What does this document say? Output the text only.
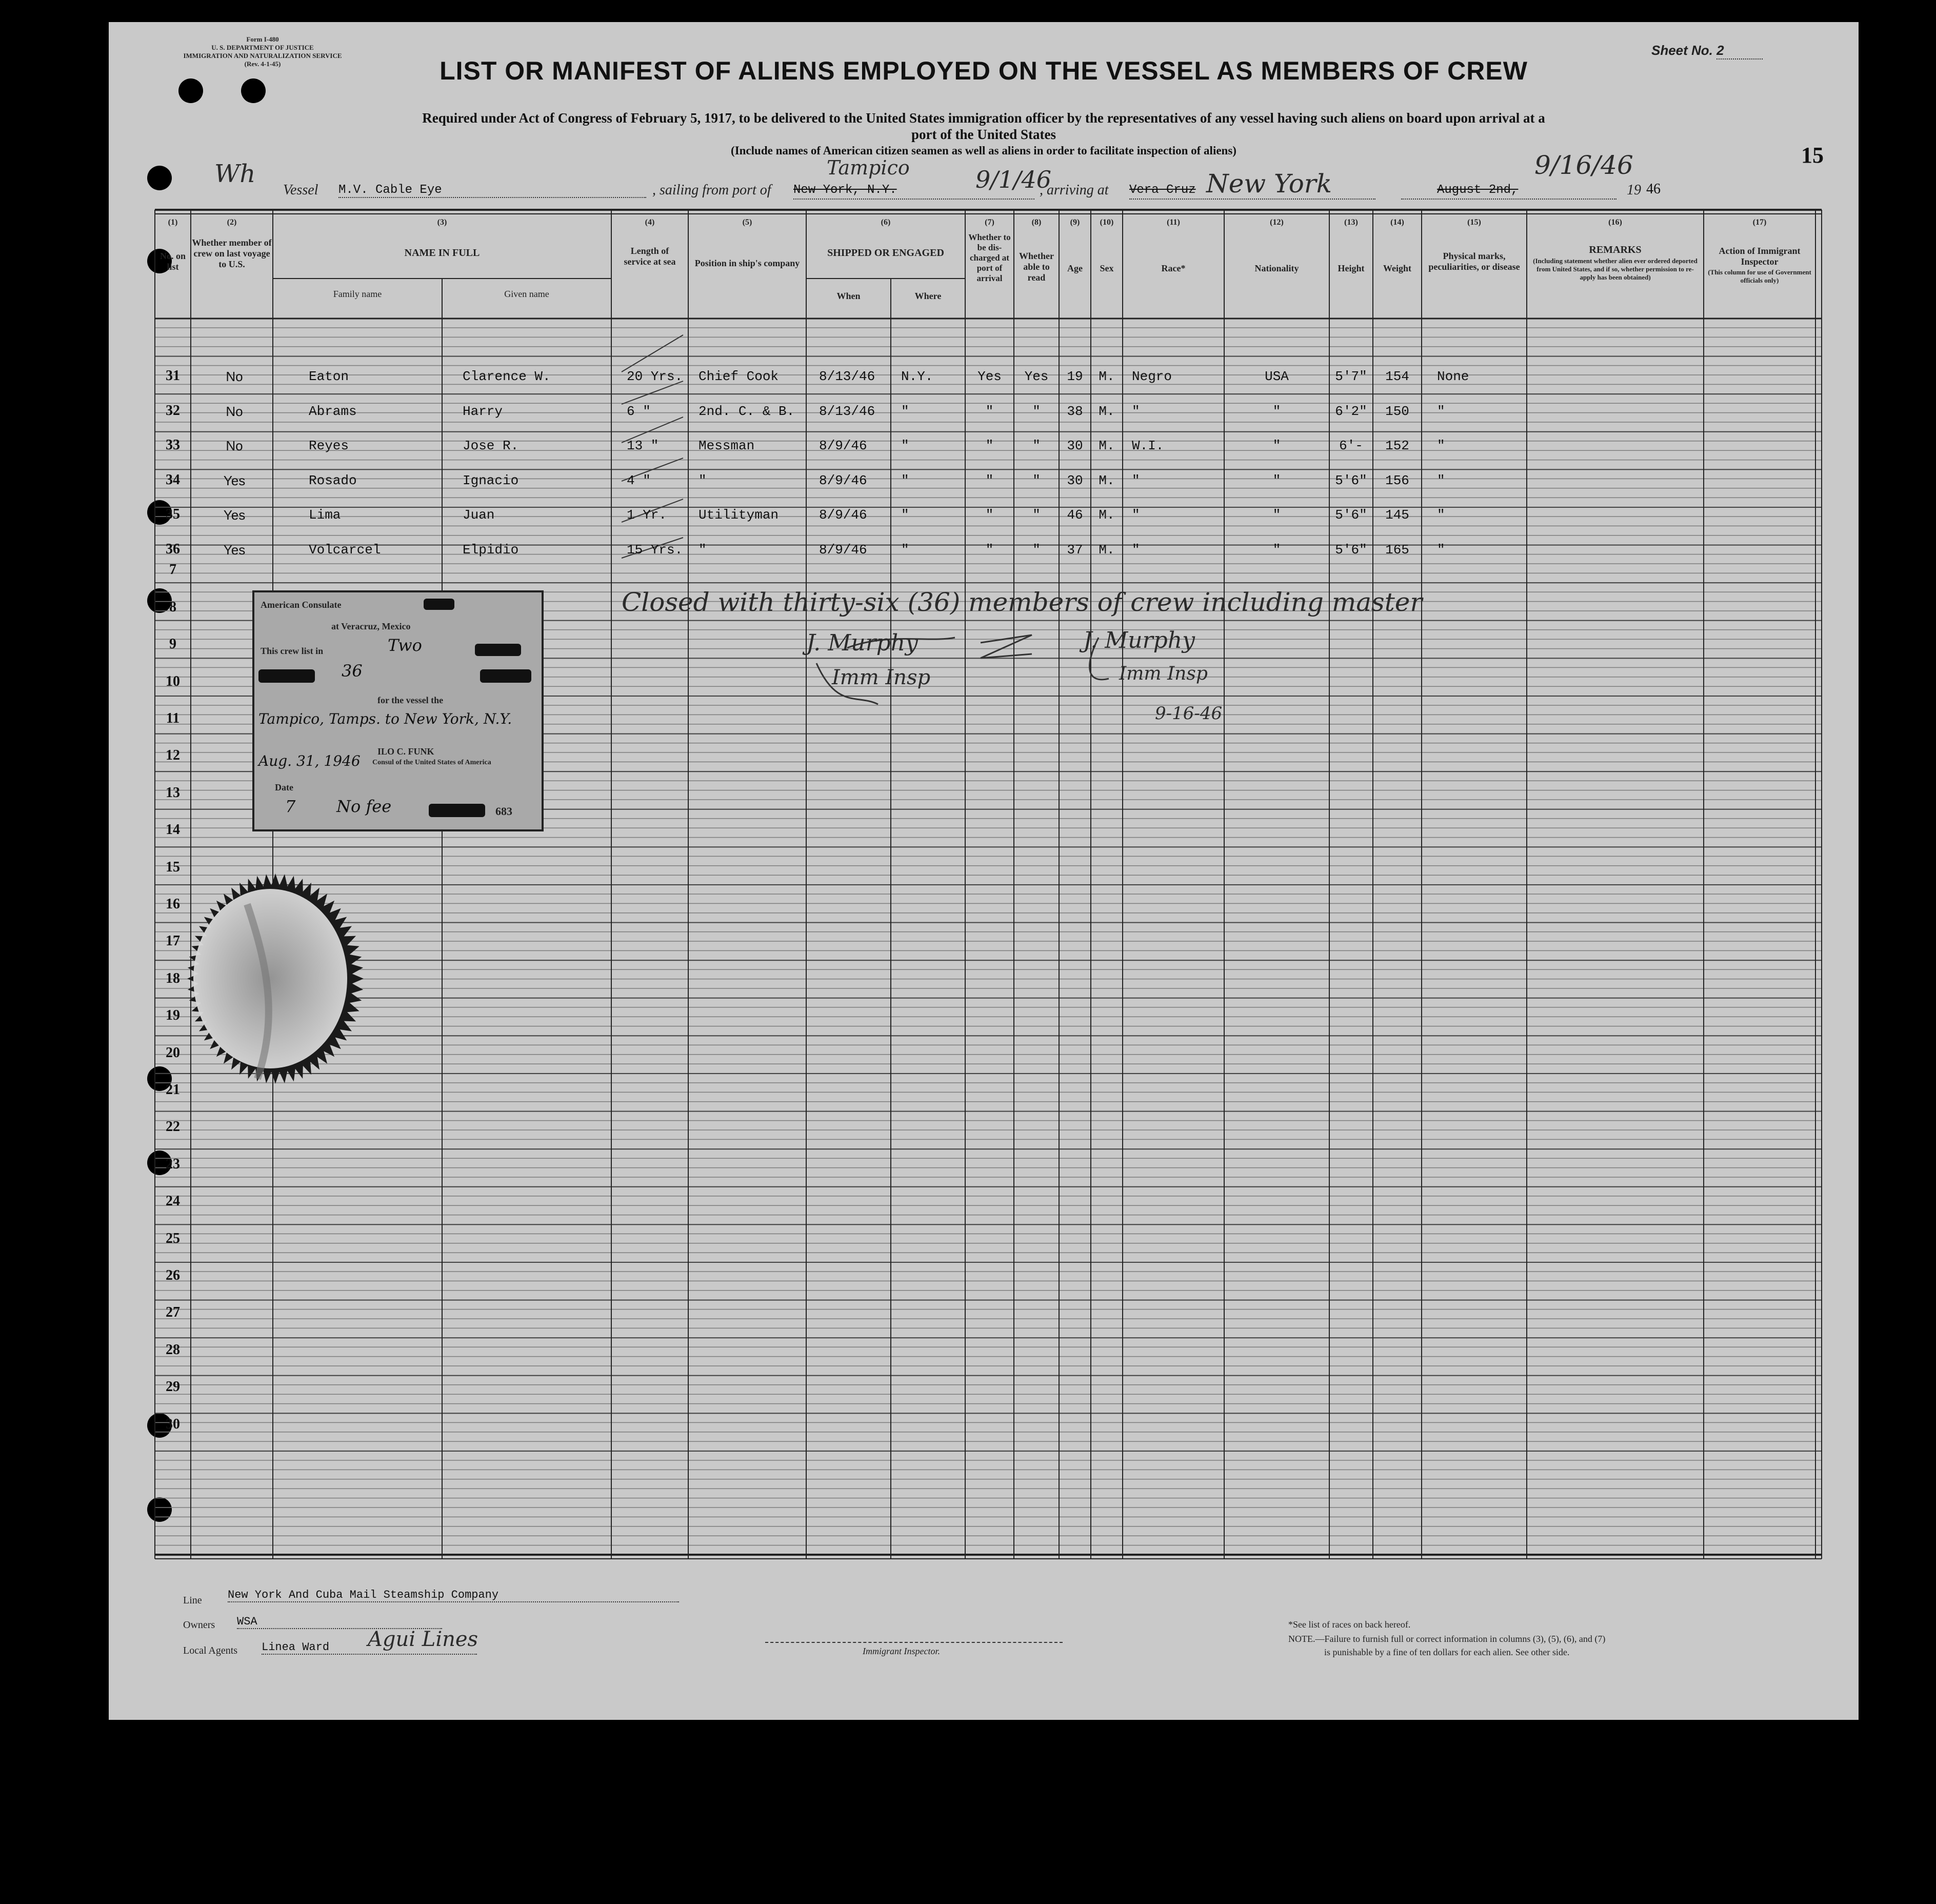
Form I-480
U. S. DEPARTMENT OF JUSTICE
IMMIGRATION AND NATURALIZATION SERVICE
(Rev. 4-1-45)
Sheet No. 2
15
LIST OR MANIFEST OF ALIENS EMPLOYED ON THE VESSEL AS MEMBERS OF CREW
Required under Act of Congress of February 5, 1917, to be delivered to the United States immigration officer by the representatives of any vessel having such aliens on board upon arrival at a
port of the United States
(Include names of American citizen seamen as well as aliens in order to facilitate inspection of aliens)
Wh
Vessel M.V. Cable Eye	, sailing from port of New York, N.Y.
Tampico	9/1/46
, arriving at Vera Cruz New York
9/16/46
August 2nd,	19 46
(1)
No. on list
(2)
Whether member of crew on last voyage to U.S.
(3)
NAME IN FULL
Family name	Given name
(4)
Length of service at sea
(5)
Position in ship's company
(6)
SHIPPED OR ENGAGED
When	Where
(7)
Whether to be dis-charged at port of arrival
(8)
Whether able to read
(9)
Age
(10)
Sex
(11)
Race*
(12)
Nationality
(13)
Height
(14)
Weight
(15)
Physical marks, peculiarities, or disease
(16)
REMARKS
(Including statement whether alien ever ordered deported from United States, and if so, whether permission to re-apply has been obtained)
(17)
Action of Immigrant Inspector
(This column for use of Government officials only)
31	No	Eaton	Clarence W.	20 Yrs.	Chief Cook	8/13/46	N.Y.	Yes	Yes	19	M.	Negro	USA	5'7"	154	None
32	No	Abrams	Harry	6 "	2nd. C. & B.	8/13/46	"	"	"	38	M.	"	"	6'2"	150	"
33	No	Reyes	Jose R.	13 "	Messman	8/9/46	"	"	"	30	M.	W.I.	"	6'-	152	"
34	Yes	Rosado	Ignacio	4 "	"	8/9/46	"	"	"	30	M.	"	"	5'6"	156	"
35	Yes	Lima	Juan	1 Yr.	Utilityman	8/9/46	"	"	"	46	M.	"	"	5'6"	145	"
36	Yes	Volcarcel	Elpidio	15 Yrs.	"	8/9/46	"	"	"	37	M.	"	"	5'6"	165	"
7
8
9
10
11
12
13
14
15
16
17
18
19
20
21
22
23
24
25
26
27
28
29
30
Closed with thirty-six (36) members of crew including master
J. Murphy
Imm Insp
J. Murphy
Imm Insp
9-16-46
American Consulate
at Veracruz, Mexico
This crew list in	Two
36
for the vessel the
Tampico, Tamps. to New York, N.Y.
Aug. 31, 1946
ILO C. FUNK
Consul of the United States of America
Date
7 No fee	683
Line New York And Cuba Mail Steamship Company
Owners WSA
Local Agents Linea Ward	Agui Lines	Immigrant Inspector.
*See list of races on back hereof.
NOTE.—Failure to furnish full or correct information in columns (3), (5), (6), and (7)
is punishable by a fine of ten dollars for each alien. See other side.
